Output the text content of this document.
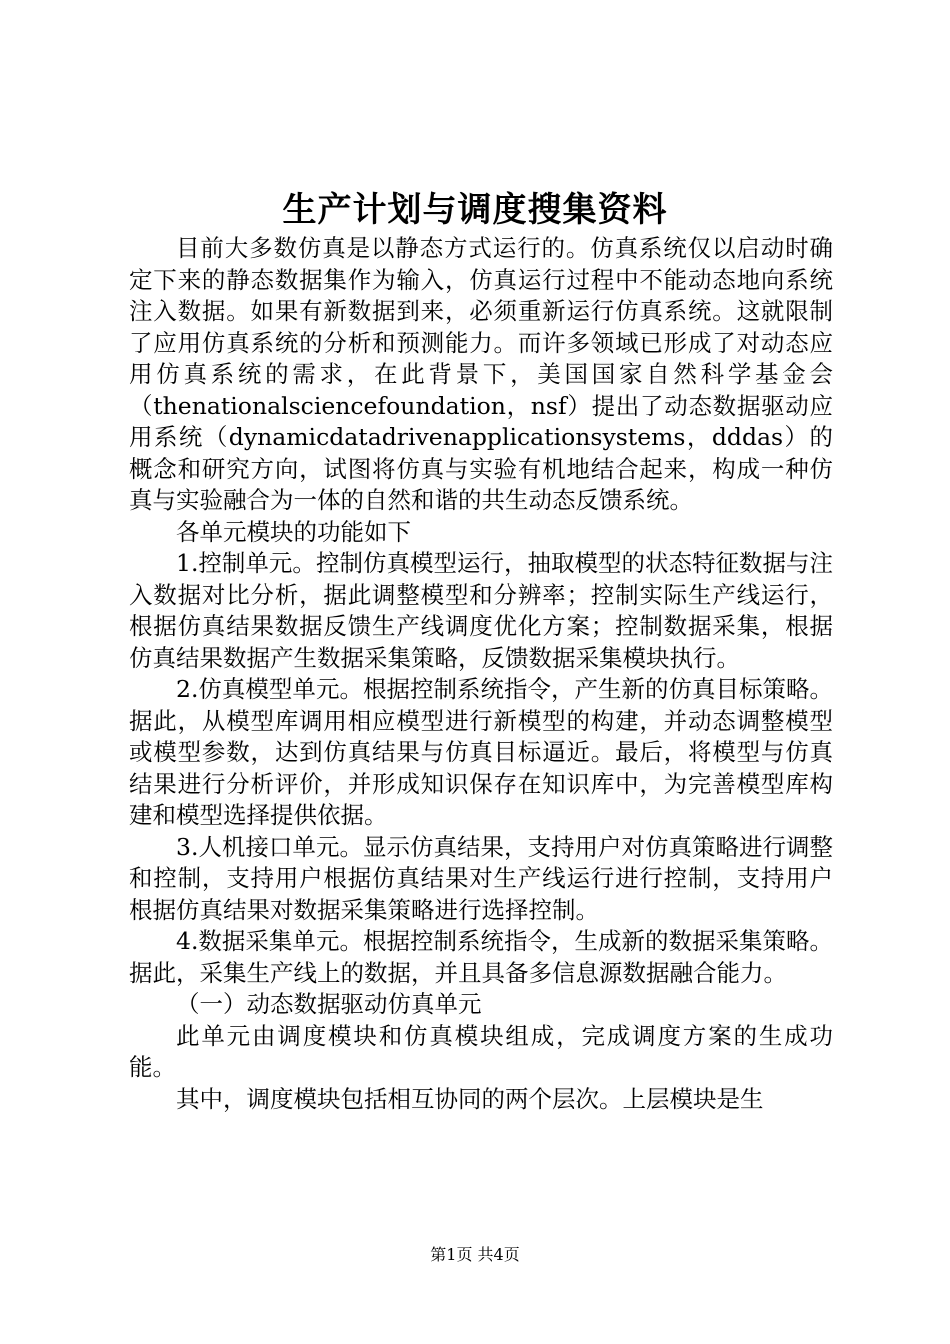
生产计划与调度搜集资料

目前大多数仿真是以静态方式运行的。仿真系统仅以启动时确定下来的静态数据集作为输入，仿真运行过程中不能动态地向系统注入数据。如果有新数据到来，必须重新运行仿真系统。这就限制了应用仿真系统的分析和预测能力。而许多领域已形成了对动态应用仿真系统的需求，在此背景下，美国国家自然科学基金会（thenationalsciencefoundation，nsf）提出了动态数据驱动应用系统（dynamicdatadrivenapplicationsystems，dddas）的概念和研究方向，试图将仿真与实验有机地结合起来，构成一种仿真与实验融合为一体的自然和谐的共生动态反馈系统。

各单元模块的功能如下

1.控制单元。控制仿真模型运行，抽取模型的状态特征数据与注入数据对比分析，据此调整模型和分辨率；控制实际生产线运行，根据仿真结果数据反馈生产线调度优化方案；控制数据采集，根据仿真结果数据产生数据采集策略，反馈数据采集模块执行。

2.仿真模型单元。根据控制系统指令，产生新的仿真目标策略。据此，从模型库调用相应模型进行新模型的构建，并动态调整模型或模型参数，达到仿真结果与仿真目标逼近。最后，将模型与仿真结果进行分析评价，并形成知识保存在知识库中，为完善模型库构建和模型选择提供依据。

3.人机接口单元。显示仿真结果，支持用户对仿真策略进行调整和控制，支持用户根据仿真结果对生产线运行进行控制，支持用户根据仿真结果对数据采集策略进行选择控制。

4.数据采集单元。根据控制系统指令，生成新的数据采集策略。据此，采集生产线上的数据，并且具备多信息源数据融合能力。

（一）动态数据驱动仿真单元

此单元由调度模块和仿真模块组成，完成调度方案的生成功能。

其中，调度模块包括相互协同的两个层次。上层模块是生

第1页 共4页
